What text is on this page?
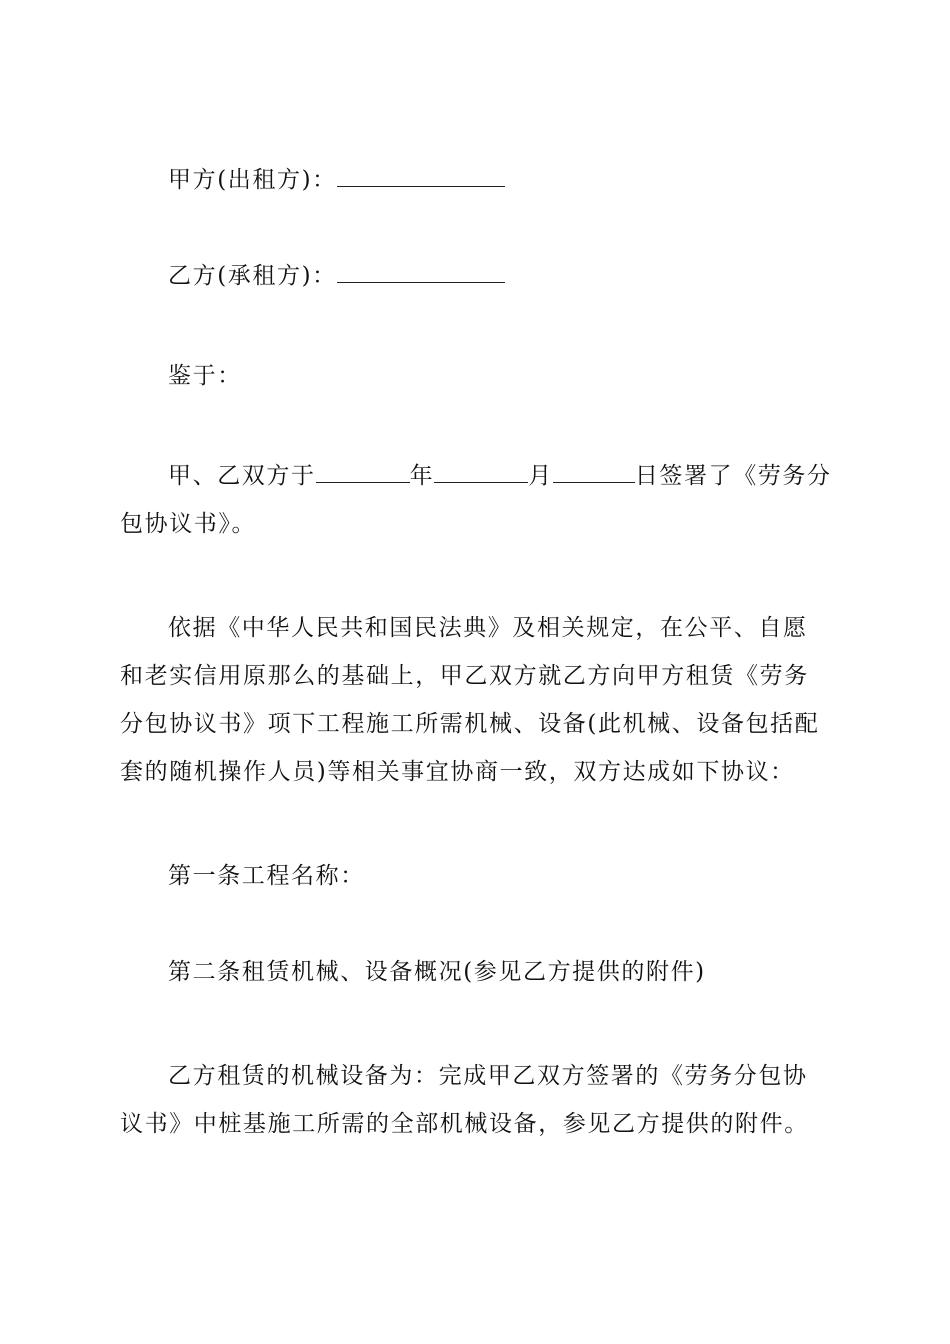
甲方(出租方)：

乙方(承租方)：

鉴于：

甲、乙双方于	年	月	日签署了《劳务分包协议书》。

依据《中华人民共和国民法典》及相关规定，在公平、自愿和老实信用原那么的基础上，甲乙双方就乙方向甲方租赁《劳务分包协议书》项下工程施工所需机械、设备(此机械、设备包括配套的随机操作人员)等相关事宜协商一致，双方达成如下协议：

第一条工程名称：

第二条租赁机械、设备概况(参见乙方提供的附件)

乙方租赁的机械设备为：完成甲乙双方签署的《劳务分包协议书》中桩基施工所需的全部机械设备，参见乙方提供的附件。
